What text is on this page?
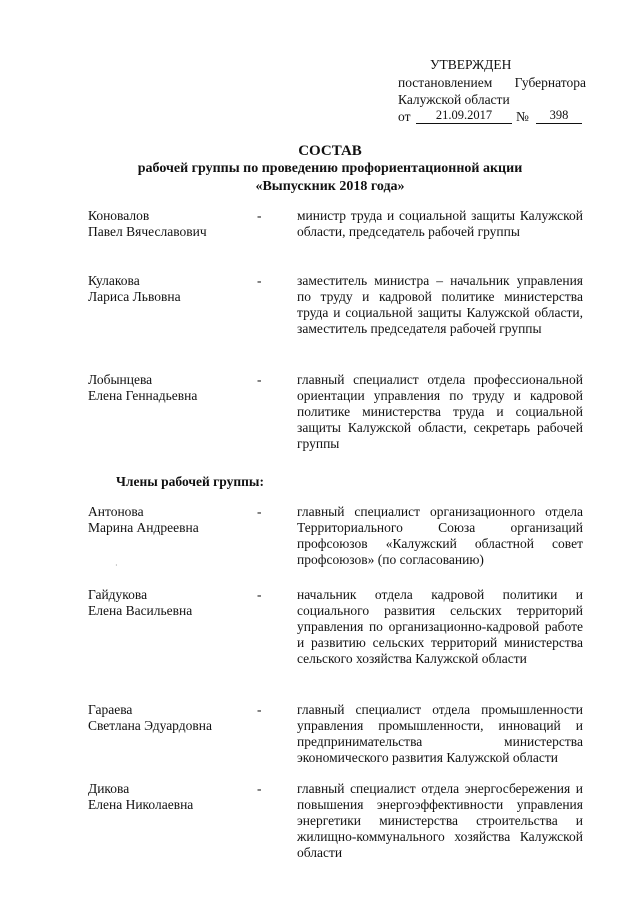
УТВЕРЖДЕН
постановлением Губернатора
Калужской области
от	21.09.2017	№	398
СОСТАВ
рабочей группы по проведению профориентационной акции
«Выпускник 2018 года»
Коновалов
Павел Вячеславович
-	министр труда и социальной защиты Калужской области, председатель рабочей группы
Кулакова
Лариса Львовна
-	заместитель министра – начальник управления по труду и кадровой политике министерства труда и социальной защиты Калужской области, заместитель председателя рабочей группы
Лобынцева
Елена Геннадьевна
-	главный специалист отдела профессиональной ориентации управления по труду и кадровой политике министерства труда и социальной защиты Калужской области, секретарь рабочей группы
Члены рабочей группы:
Антонова
Марина Андреевна
-	главный специалист организационного отдела Территориального Союза организаций профсоюзов «Калужский областной совет профсоюзов» (по согласованию)
·
Гайдукова
Елена Васильевна
-	начальник отдела кадровой политики и социального развития сельских территорий управления по организационно-кадровой работе и развитию сельских территорий министерства сельского хозяйства Калужской области
Гараева
Светлана Эдуардовна
-	главный специалист отдела промышленности управления промышленности, инноваций и предпринимательства министерства экономического развития Калужской области
Дикова
Елена Николаевна
-	главный специалист отдела энергосбережения и повышения энергоэффективности управления энергетики министерства строительства и жилищно-коммунального хозяйства Калужской области
